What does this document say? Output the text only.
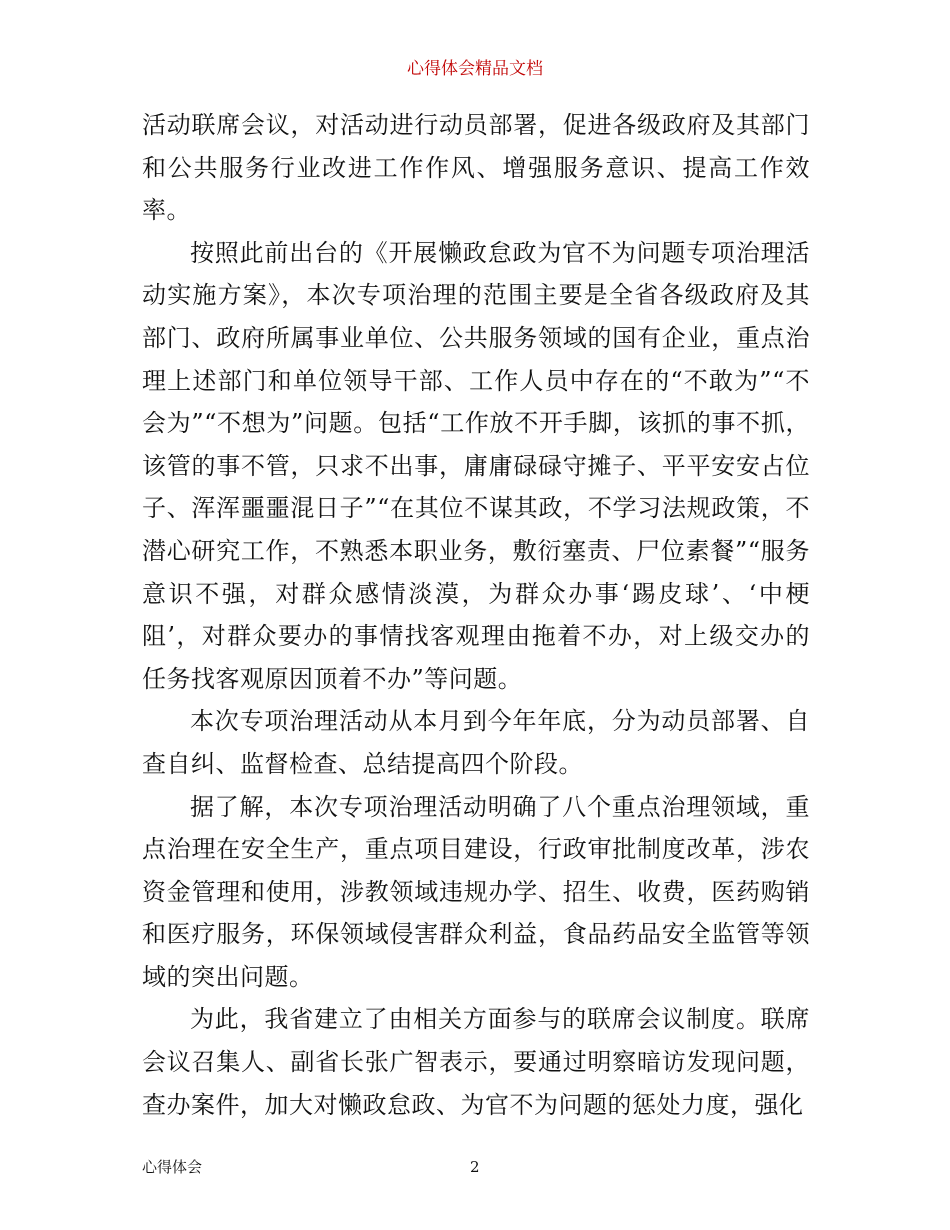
心得体会精品文档

活动联席会议，对活动进行动员部署，促进各级政府及其部门和公共服务行业改进工作作风、增强服务意识、提高工作效率。

按照此前出台的《开展懒政怠政为官不为问题专项治理活动实施方案》，本次专项治理的范围主要是全省各级政府及其部门、政府所属事业单位、公共服务领域的国有企业，重点治理上述部门和单位领导干部、工作人员中存在的“不敢为”“不会为”“不想为”问题。包括“工作放不开手脚，该抓的事不抓，该管的事不管，只求不出事，庸庸碌碌守摊子、平平安安占位子、浑浑噩噩混日子”“在其位不谋其政，不学习法规政策，不潜心研究工作，不熟悉本职业务，敷衍塞责、尸位素餐”“服务意识不强，对群众感情淡漠，为群众办事‘踢皮球’、‘中梗阻’，对群众要办的事情找客观理由拖着不办，对上级交办的任务找客观原因顶着不办”等问题。

本次专项治理活动从本月到今年年底，分为动员部署、自查自纠、监督检查、总结提高四个阶段。

据了解，本次专项治理活动明确了八个重点治理领域，重点治理在安全生产，重点项目建设，行政审批制度改革，涉农资金管理和使用，涉教领域违规办学、招生、收费，医药购销和医疗服务，环保领域侵害群众利益，食品药品安全监管等领域的突出问题。

为此，我省建立了由相关方面参与的联席会议制度。联席会议召集人、副省长张广智表示，要通过明察暗访发现问题，查办案件，加大对懒政怠政、为官不为问题的惩处力度，强化

心得体会	2
